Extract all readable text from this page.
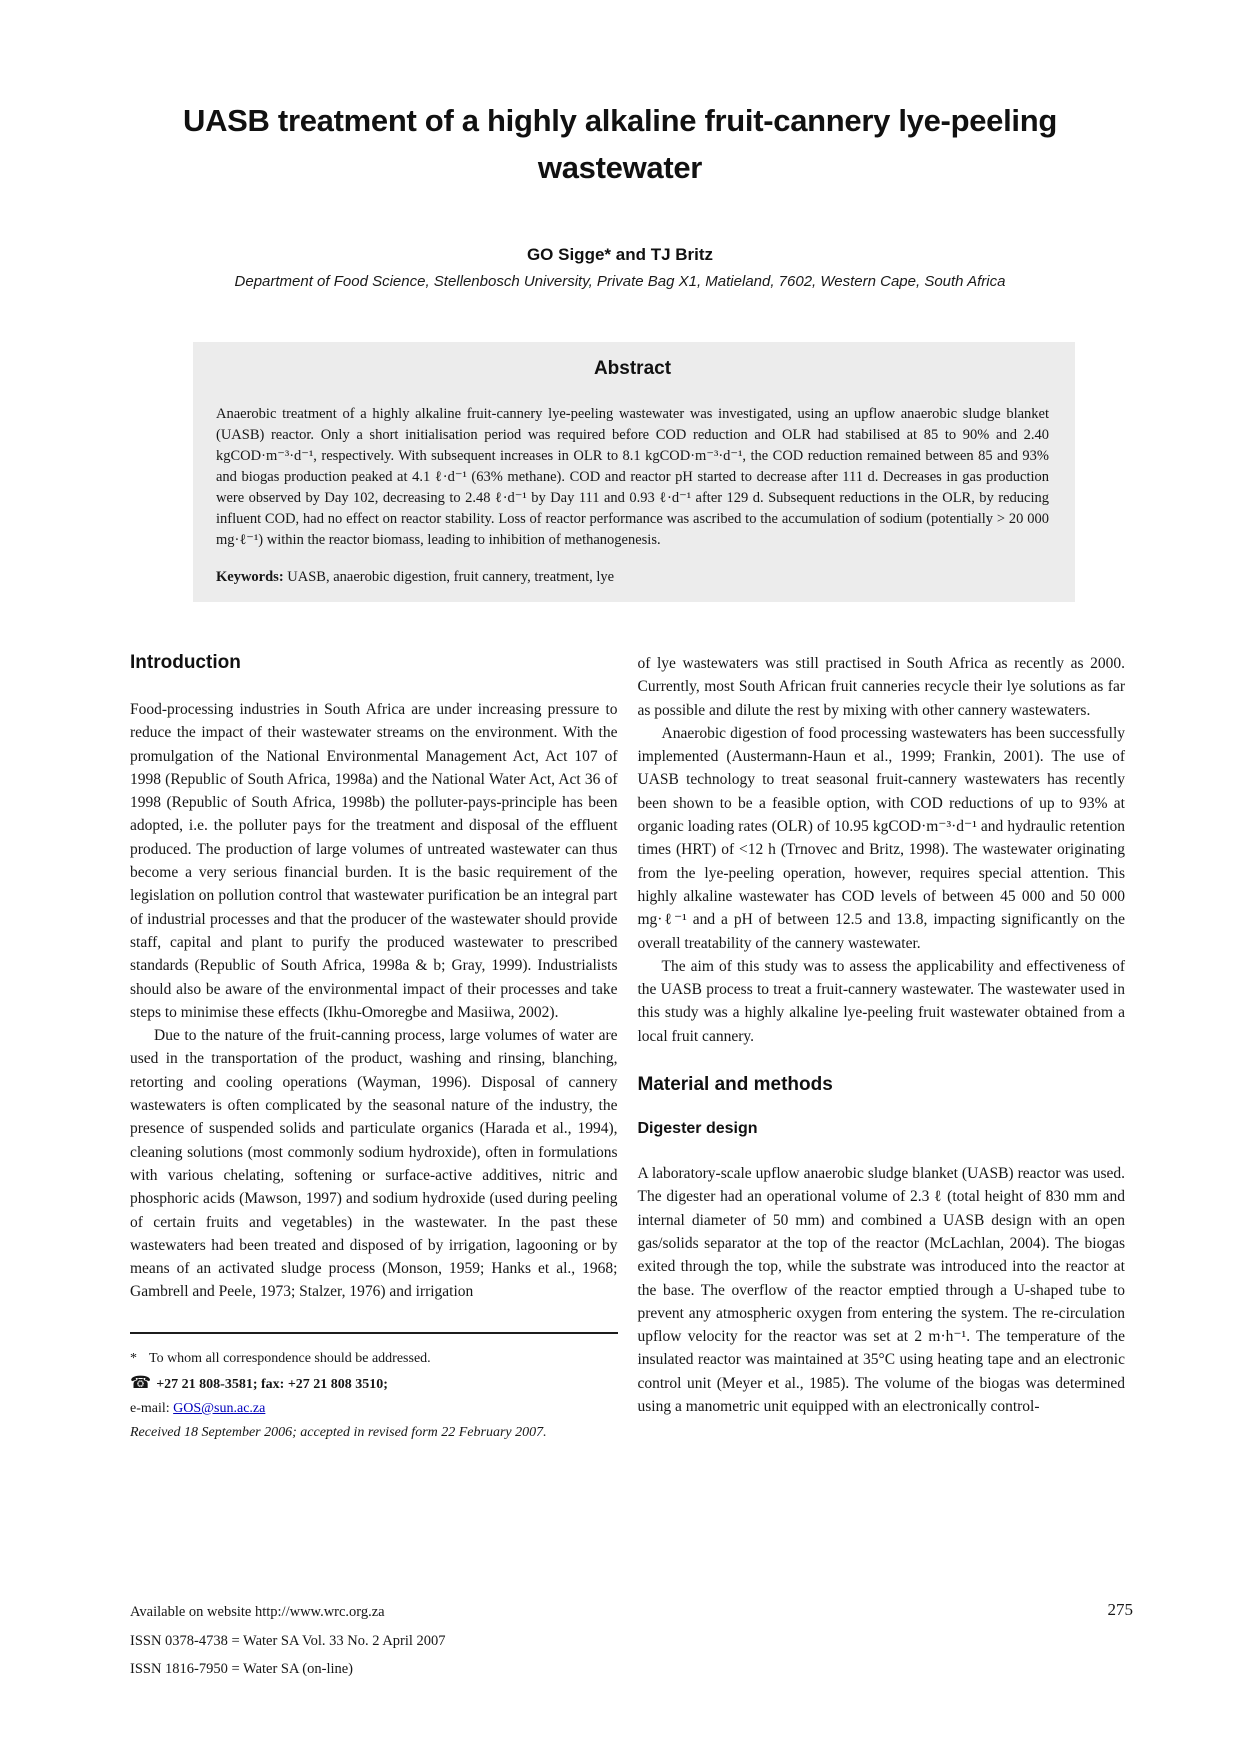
UASB treatment of a highly alkaline fruit-cannery lye-peeling wastewater
GO Sigge* and TJ Britz
Department of Food Science, Stellenbosch University, Private Bag X1, Matieland, 7602, Western Cape, South Africa
Abstract

Anaerobic treatment of a highly alkaline fruit-cannery lye-peeling wastewater was investigated, using an upflow anaerobic sludge blanket (UASB) reactor. Only a short initialisation period was required before COD reduction and OLR had stabilised at 85 to 90% and 2.40 kgCOD·m⁻³·d⁻¹, respectively. With subsequent increases in OLR to 8.1 kgCOD·m⁻³·d⁻¹, the COD reduction remained between 85 and 93% and biogas production peaked at 4.1 ℓ·d⁻¹ (63% methane). COD and reactor pH started to decrease after 111 d. Decreases in gas production were observed by Day 102, decreasing to 2.48 ℓ·d⁻¹ by Day 111 and 0.93 ℓ·d⁻¹ after 129 d. Subsequent reductions in the OLR, by reducing influent COD, had no effect on reactor stability. Loss of reactor performance was ascribed to the accumulation of sodium (potentially > 20 000 mg·ℓ⁻¹) within the reactor biomass, leading to inhibition of methanogenesis.

Keywords: UASB, anaerobic digestion, fruit cannery, treatment, lye

Introduction

Food-processing industries in South Africa are under increasing pressure to reduce the impact of their wastewater streams on the environment. With the promulgation of the National Environmental Management Act, Act 107 of 1998 (Republic of South Africa, 1998a) and the National Water Act, Act 36 of 1998 (Republic of South Africa, 1998b) the polluter-pays-principle has been adopted, i.e. the polluter pays for the treatment and disposal of the effluent produced. The production of large volumes of untreated wastewater can thus become a very serious financial burden. It is the basic requirement of the legislation on pollution control that wastewater purification be an integral part of industrial processes and that the producer of the wastewater should provide staff, capital and plant to purify the produced wastewater to prescribed standards (Republic of South Africa, 1998a & b; Gray, 1999). Industrialists should also be aware of the environmental impact of their processes and take steps to minimise these effects (Ikhu-Omoregbe and Masiiwa, 2002).

Due to the nature of the fruit-canning process, large volumes of water are used in the transportation of the product, washing and rinsing, blanching, retorting and cooling operations (Wayman, 1996). Disposal of cannery wastewaters is often complicated by the seasonal nature of the industry, the presence of suspended solids and particulate organics (Harada et al., 1994), cleaning solutions (most commonly sodium hydroxide), often in formulations with various chelating, softening or surface-active additives, nitric and phosphoric acids (Mawson, 1997) and sodium hydroxide (used during peeling of certain fruits and vegetables) in the wastewater. In the past these wastewaters had been treated and disposed of by irrigation, lagooning or by means of an activated sludge process (Monson, 1959; Hanks et al., 1968; Gambrell and Peele, 1973; Stalzer, 1976) and irrigation

* To whom all correspondence should be addressed.
☎ +27 21 808-3581; fax: +27 21 808 3510;
e-mail: GOS@sun.ac.za
Received 18 September 2006; accepted in revised form 22 February 2007.

of lye wastewaters was still practised in South Africa as recently as 2000. Currently, most South African fruit canneries recycle their lye solutions as far as possible and dilute the rest by mixing with other cannery wastewaters.

Anaerobic digestion of food processing wastewaters has been successfully implemented (Austermann-Haun et al., 1999; Frankin, 2001). The use of UASB technology to treat seasonal fruit-cannery wastewaters has recently been shown to be a feasible option, with COD reductions of up to 93% at organic loading rates (OLR) of 10.95 kgCOD·m⁻³·d⁻¹ and hydraulic retention times (HRT) of <12 h (Trnovec and Britz, 1998). The wastewater originating from the lye-peeling operation, however, requires special attention. This highly alkaline wastewater has COD levels of between 45 000 and 50 000 mg·ℓ⁻¹ and a pH of between 12.5 and 13.8, impacting significantly on the overall treatability of the cannery wastewater.

The aim of this study was to assess the applicability and effectiveness of the UASB process to treat a fruit-cannery wastewater. The wastewater used in this study was a highly alkaline lye-peeling fruit wastewater obtained from a local fruit cannery.

Material and methods
Digester design

A laboratory-scale upflow anaerobic sludge blanket (UASB) reactor was used. The digester had an operational volume of 2.3 ℓ (total height of 830 mm and internal diameter of 50 mm) and combined a UASB design with an open gas/solids separator at the top of the reactor (McLachlan, 2004). The biogas exited through the top, while the substrate was introduced into the reactor at the base. The overflow of the reactor emptied through a U-shaped tube to prevent any atmospheric oxygen from entering the system. The re-circulation upflow velocity for the reactor was set at 2 m·h⁻¹. The temperature of the insulated reactor was maintained at 35°C using heating tape and an electronic control unit (Meyer et al., 1985). The volume of the biogas was determined using a manometric unit equipped with an electronically control-

Available on website http://www.wrc.org.za
ISSN 0378-4738 = Water SA Vol. 33 No. 2 April 2007
ISSN 1816-7950 = Water SA (on-line)
275
